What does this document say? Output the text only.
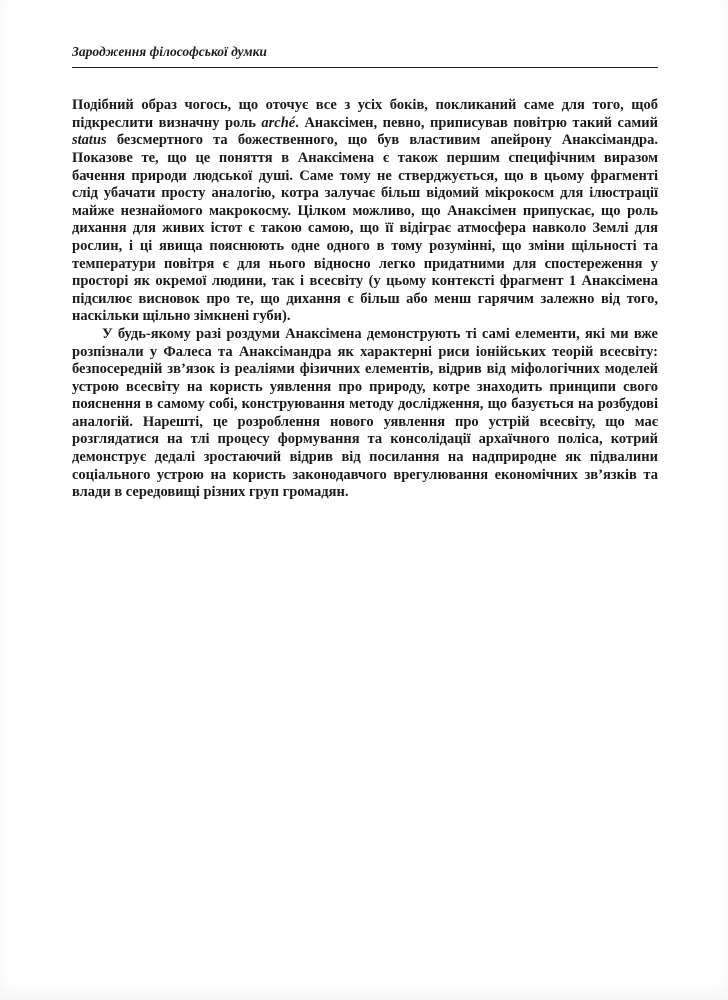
Зародження філософської думки

Подібний образ чогось, що оточує все з усіх боків, покликаний саме для того, щоб підкреслити визначну роль arché. Анаксімен, певно, приписував повітрю такий самий status безсмертного та божественного, що був властивим апейрону Анаксімандра. Показове те, що це поняття в Анаксімена є також першим специфічним виразом бачення природи людської душі. Саме тому не стверджується, що в цьому фрагменті слід убачати просту аналогію, котра залучає більш відомий мікрокосм для ілюстрації майже незнайомого макрокосму. Цілком можливо, що Анаксімен припускає, що роль дихання для живих істот є такою самою, що її відіграє атмосфера навколо Землі для рослин, і ці явища пояснюють одне одного в тому розумінні, що зміни щільності та температури повітря є для нього відносно легко придатними для спостереження у просторі як окремої людини, так і всесвіту (у цьому контексті фрагмент 1 Анаксімена підсилює висновок про те, що дихання є більш або менш гарячим залежно від того, наскільки щільно зімкнені губи).

У будь-якому разі роздуми Анаксімена демонструють ті самі елементи, які ми вже розпізнали у Фалеса та Анаксімандра як характерні риси іонійських теорій всесвіту: безпосередній зв’язок із реаліями фізичних елементів, відрив від міфологічних моделей устрою всесвіту на користь уявлення про природу, котре знаходить принципи свого пояснення в самому собі, конструювання методу дослідження, що базується на розбудові аналогій. Нарешті, це розроблення нового уявлення про устрій всесвіту, що має розглядатися на тлі процесу формування та консолідації архаїчного поліса, котрий демонструє дедалі зростаючий відрив від посилання на надприродне як підвалини соціального устрою на користь законодавчого врегулювання економічних зв’язків та влади в середовищі різних груп громадян.
